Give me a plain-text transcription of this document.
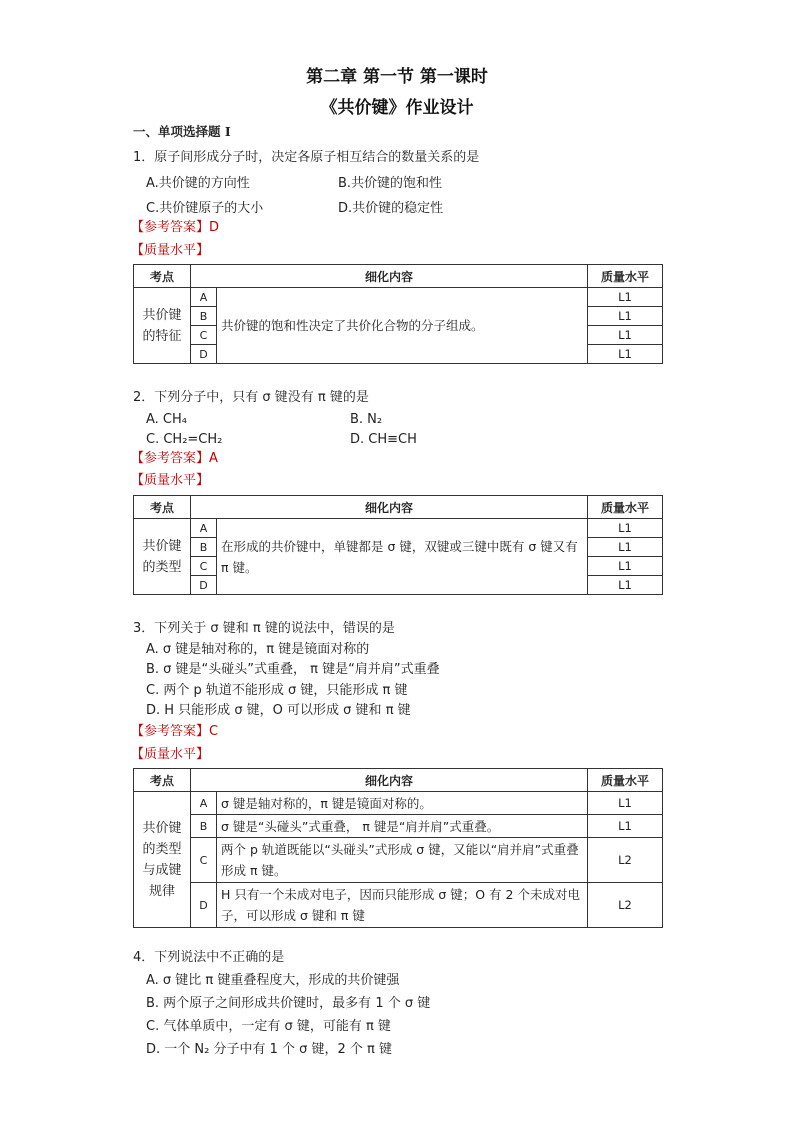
第二章 第一节 第一课时
《共价键》作业设计
一、单项选择题 I
1．原子间形成分子时，决定各原子相互结合的数量关系的是
A.共价键的方向性	B.共价键的饱和性
C.共价键原子的大小	D.共价键的稳定性
【参考答案】D
【质量水平】
考点	细化内容		质量水平
共价键的特征	A	共价键的饱和性决定了共价化合物的分子组成。	L1
	B		L1
	C		L1
	D		L1
2．下列分子中，只有 σ 键没有 π 键的是
A. CH₄	B. N₂
C. CH₂=CH₂	D. CH≡CH
【参考答案】A
【质量水平】
考点	细化内容		质量水平
共价键的类型	A	在形成的共价键中，单键都是 σ 键，双键或三键中既有 σ 键又有 π 键。	L1
	B		L1
	C		L1
	D		L1
3．下列关于 σ 键和 π 键的说法中，错误的是
A. σ 键是轴对称的，π 键是镜面对称的
B. σ 键是“头碰头”式重叠， π 键是“肩并肩”式重叠
C. 两个 p 轨道不能形成 σ 键，只能形成 π 键
D. H 只能形成 σ 键，O 可以形成 σ 键和 π 键
【参考答案】C
【质量水平】
考点	细化内容		质量水平
共价键的类型与成键规律	A	σ 键是轴对称的，π 键是镜面对称的。	L1
	B	σ 键是“头碰头”式重叠， π 键是“肩并肩”式重叠。	L1
	C	两个 p 轨道既能以“头碰头”式形成 σ 键，又能以“肩并肩”式重叠形成 π 键。	L2
	D	H 只有一个未成对电子，因而只能形成 σ 键；O 有 2 个未成对电子，可以形成 σ 键和 π 键	L2
4．下列说法中不正确的是
A. σ 键比 π 键重叠程度大，形成的共价键强
B. 两个原子之间形成共价键时，最多有 1 个 σ 键
C. 气体单质中，一定有 σ 键，可能有 π 键
D. 一个 N₂ 分子中有 1 个 σ 键，2 个 π 键
